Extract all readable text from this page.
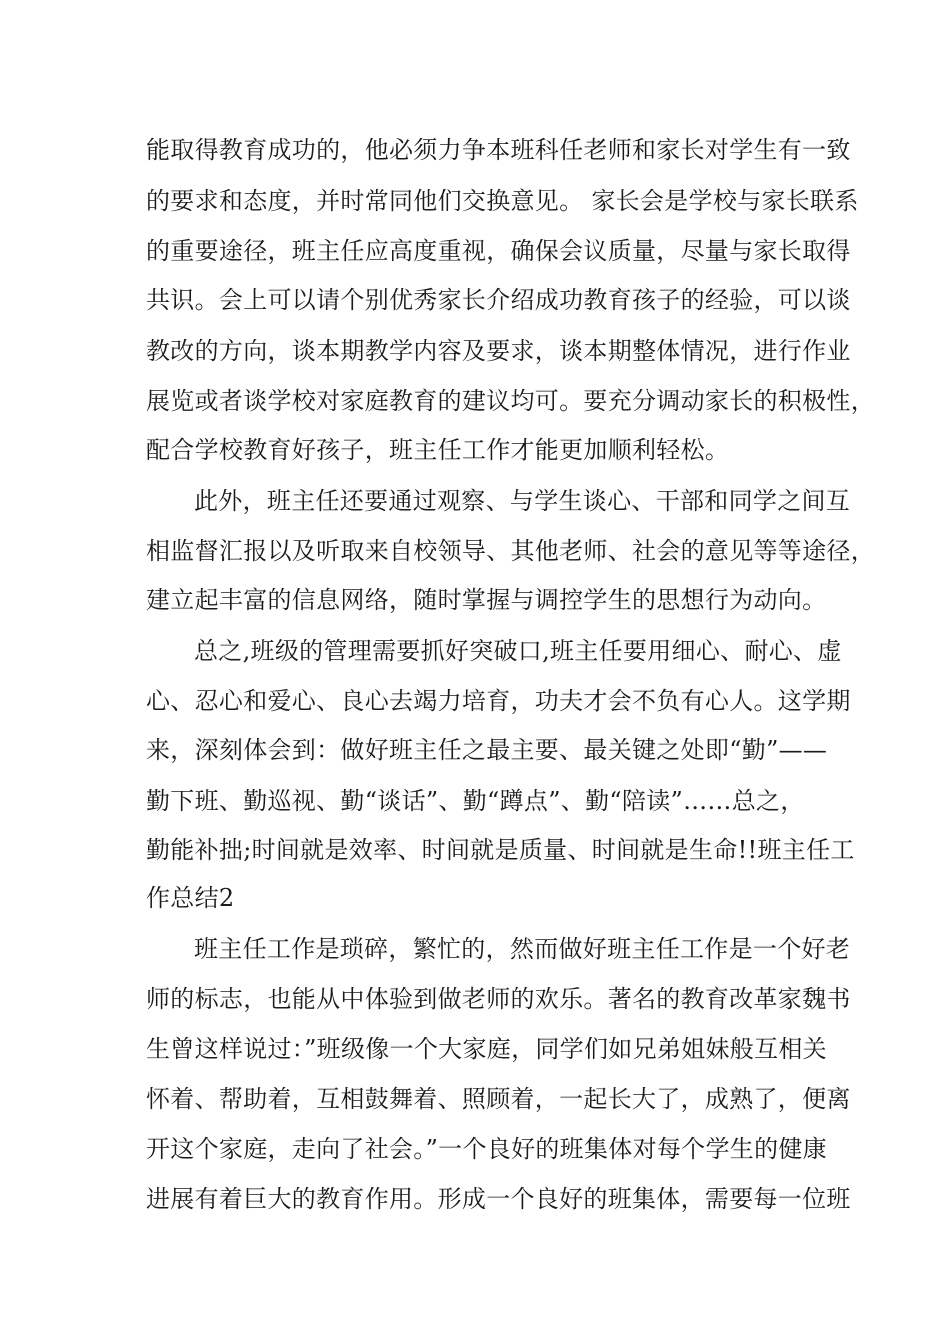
能取得教育成功的，他必须力争本班科任老师和家长对学生有一致
的要求和态度，并时常同他们交换意见。 家长会是学校与家长联系
的重要途径，班主任应高度重视，确保会议质量，尽量与家长取得
共识。会上可以请个别优秀家长介绍成功教育孩子的经验，可以谈
教改的方向，谈本期教学内容及要求，谈本期整体情况，进行作业
展览或者谈学校对家庭教育的建议均可。要充分调动家长的积极性，
配合学校教育好孩子，班主任工作才能更加顺利轻松。
此外，班主任还要通过观察、与学生谈心、干部和同学之间互
相监督汇报以及听取来自校领导、其他老师、社会的意见等等途径，
建立起丰富的信息网络，随时掌握与调控学生的思想行为动向。
总之,班级的管理需要抓好突破口,班主任要用细心、耐心、虚
心、忍心和爱心、良心去竭力培育，功夫才会不负有心人。这学期
来，深刻体会到：做好班主任之最主要、最关键之处即“勤”——
勤下班、勤巡视、勤“谈话”、勤“蹲点”、勤“陪读”……总之，
勤能补拙;时间就是效率、时间就是质量、时间就是生命!!班主任工
作总结2
班主任工作是琐碎，繁忙的，然而做好班主任工作是一个好老
师的标志，也能从中体验到做老师的欢乐。著名的教育改革家魏书
生曾这样说过：”班级像一个大家庭，同学们如兄弟姐妹般互相关
怀着、帮助着，互相鼓舞着、照顾着，一起长大了，成熟了，便离
开这个家庭，走向了社会。”一个良好的班集体对每个学生的健康
进展有着巨大的教育作用。形成一个良好的班集体，需要每一位班
